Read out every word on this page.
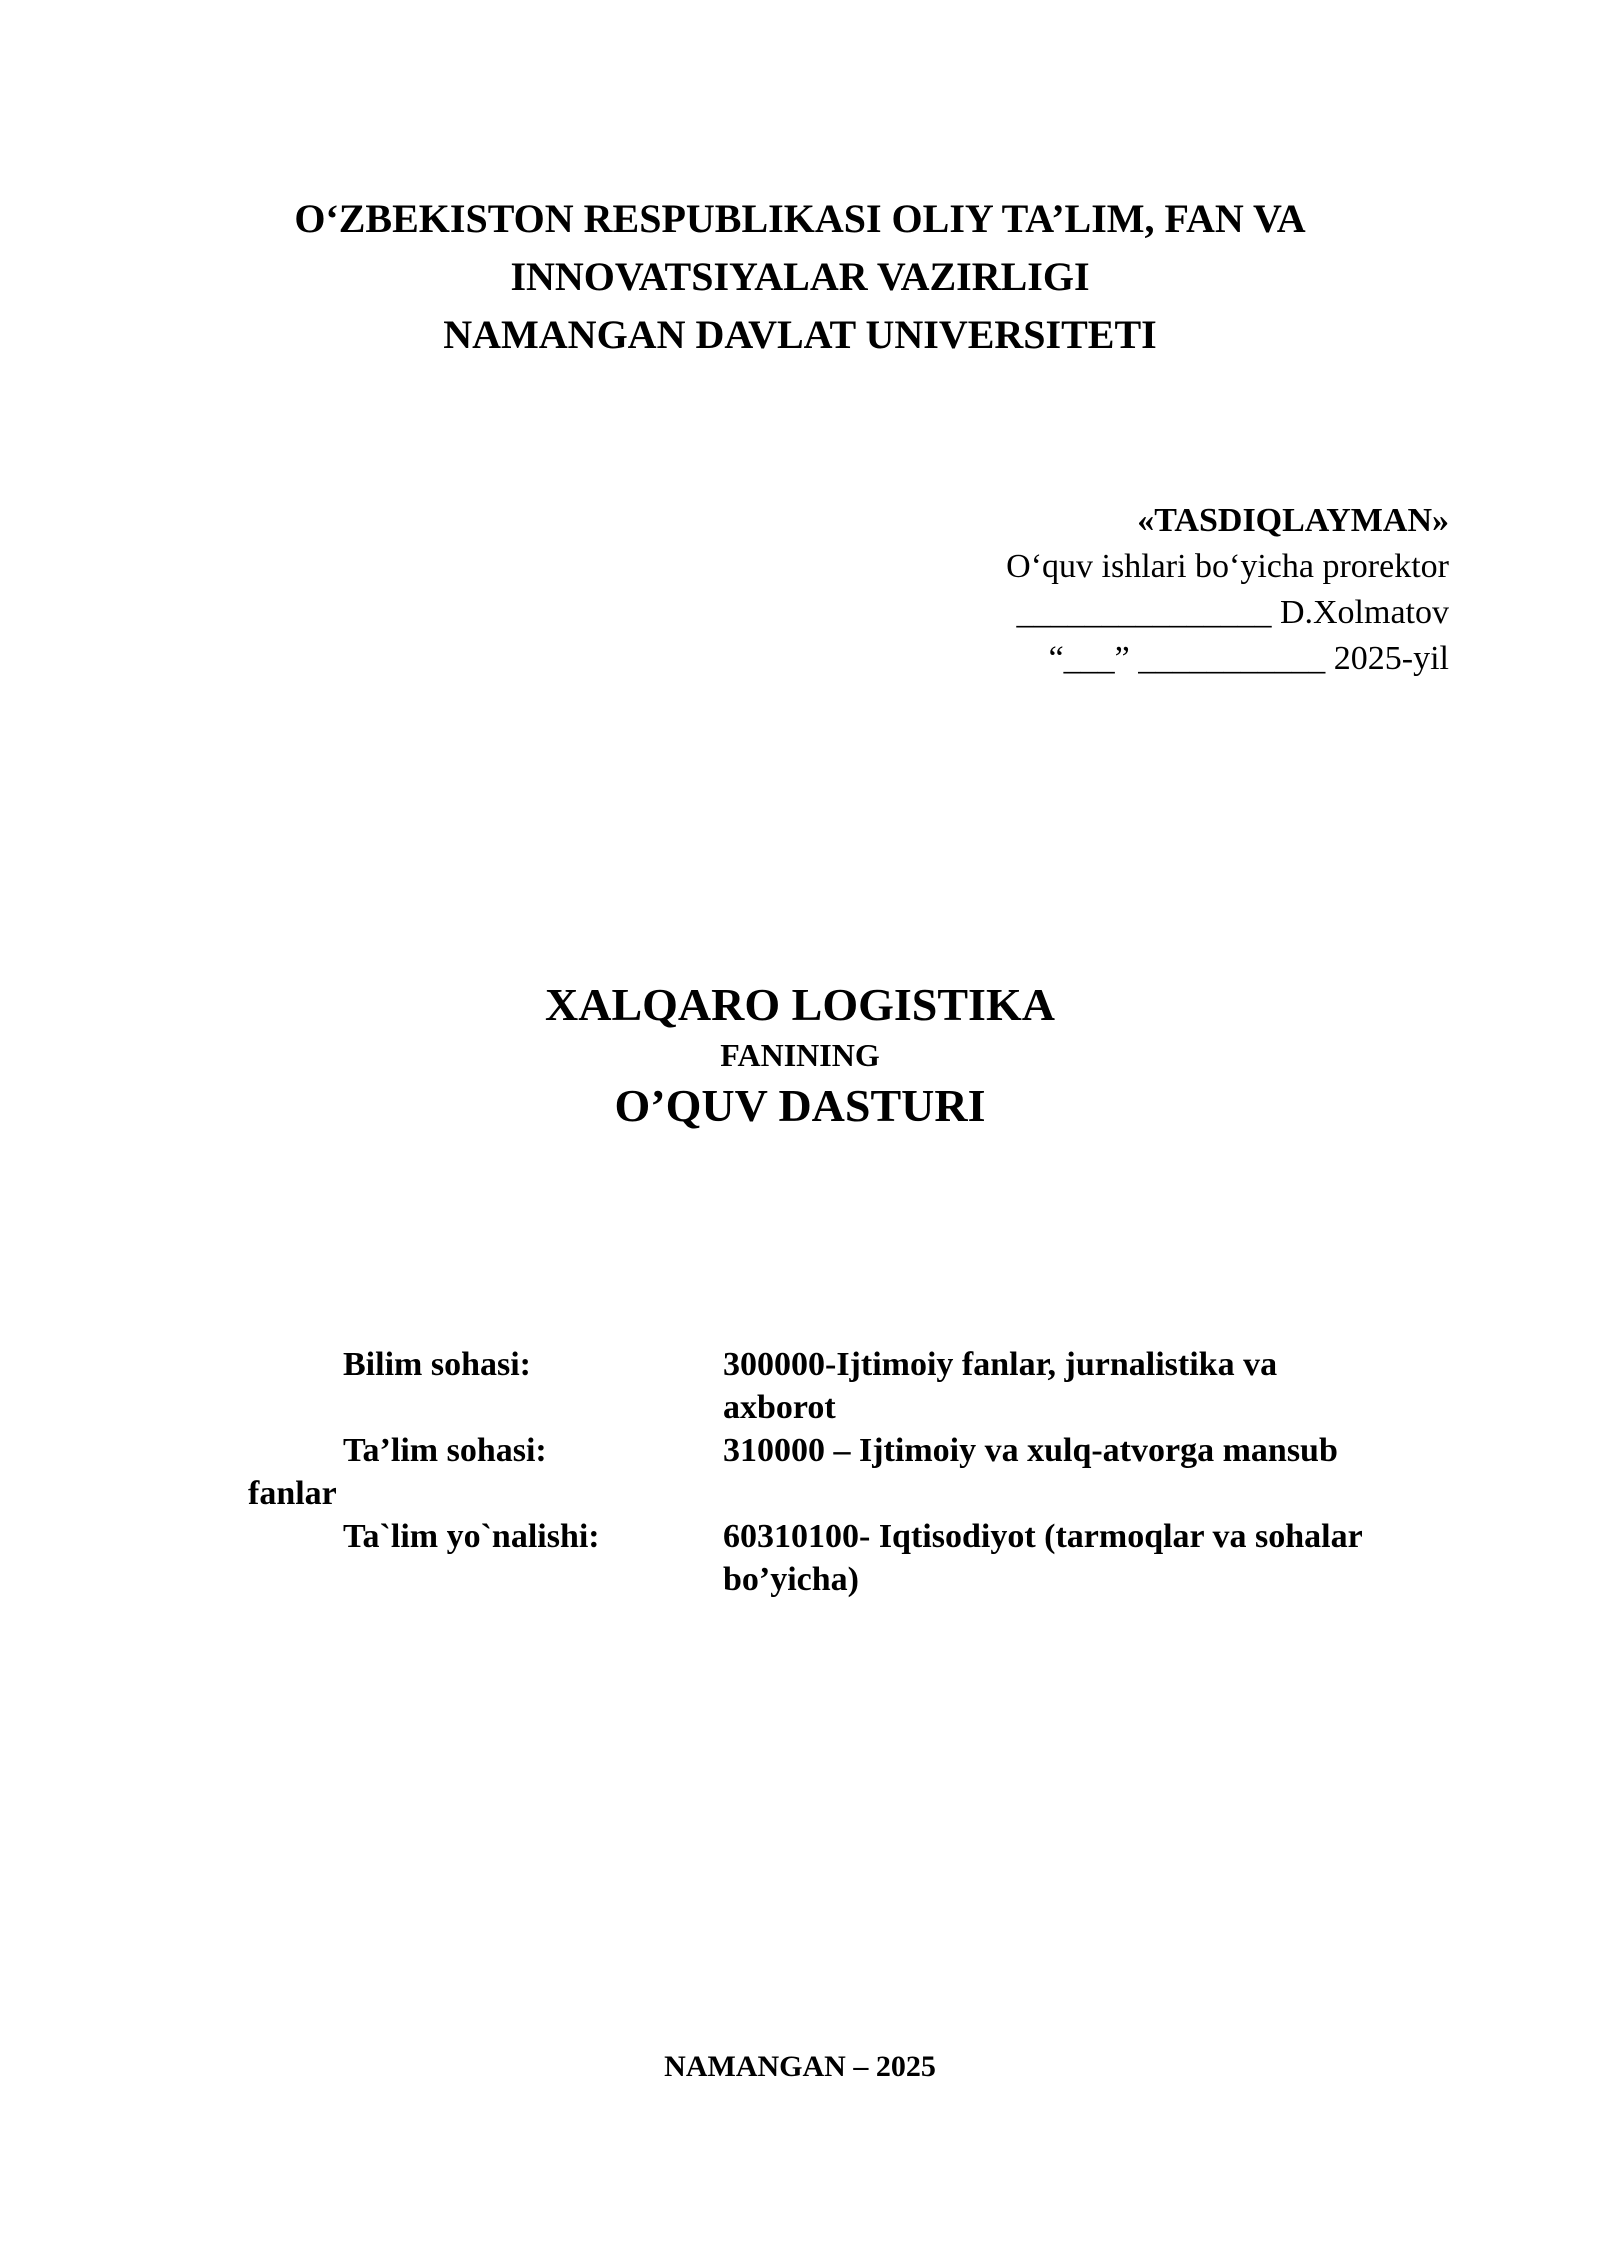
O‘ZBEKISTON RESPUBLIKASI OLIY TA’LIM, FAN VA
INNOVATSIYALAR VAZIRLIGI
NAMANGAN DAVLAT UNIVERSITETI
«TASDIQLAYMAN»
O‘quv ishlari bo‘yicha prorektor
_______________ D.Xolmatov
“___” ___________ 2025-yil
XALQARO LOGISTIKA
FANINING
O’QUV DASTURI
Bilim sohasi:	300000-Ijtimoiy fanlar, jurnalistika va
axborot
Ta’lim sohasi:	310000 – Ijtimoiy va xulq-atvorga mansub
fanlar
Ta`lim yo`nalishi:	60310100- Iqtisodiyot (tarmoqlar va sohalar
bo’yicha)
NAMANGAN – 2025
